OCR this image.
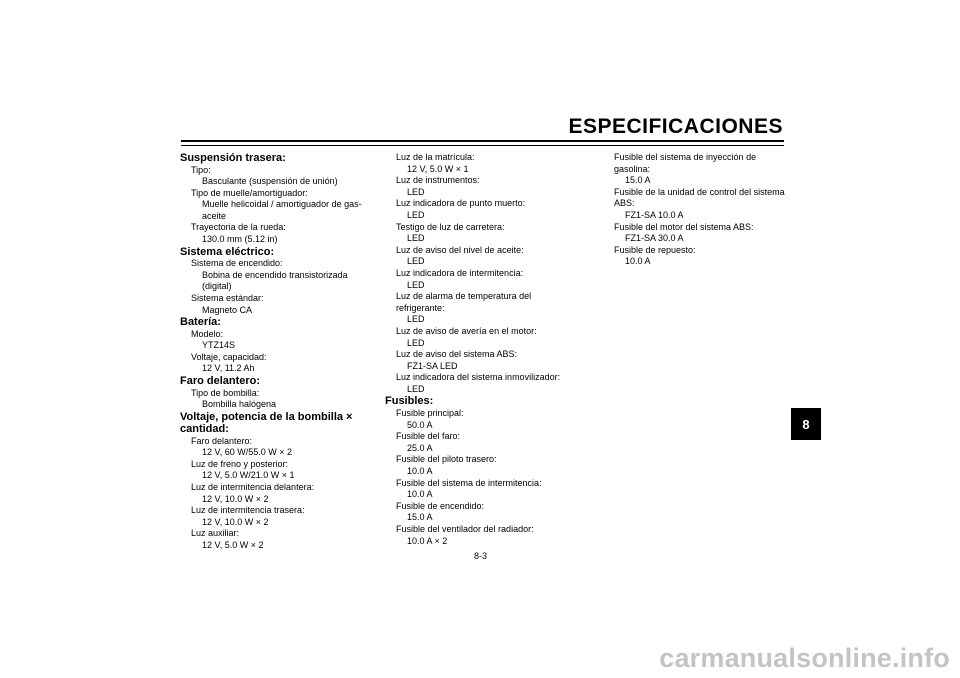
ESPECIFICACIONES
Suspensión trasera:
Tipo:
Basculante (suspensión de unión)
Tipo de muelle/amortiguador:
Muelle helicoidal / amortiguador de gas-
aceite
Trayectoria de la rueda:
130.0 mm (5.12 in)
Sistema eléctrico:
Sistema de encendido:
Bobina de encendido transistorizada
(digital)
Sistema estándar:
Magneto CA
Batería:
Modelo:
YTZ14S
Voltaje, capacidad:
12 V, 11.2 Ah
Faro delantero:
Tipo de bombilla:
Bombilla halógena
Voltaje, potencia de la bombilla ×
cantidad:
Faro delantero:
12 V, 60 W/55.0 W × 2
Luz de freno y posterior:
12 V, 5.0 W/21.0 W × 1
Luz de intermitencia delantera:
12 V, 10.0 W × 2
Luz de intermitencia trasera:
12 V, 10.0 W × 2
Luz auxiliar:
12 V, 5.0 W × 2
Luz de la matrícula:
12 V, 5.0 W × 1
Luz de instrumentos:
LED
Luz indicadora de punto muerto:
LED
Testigo de luz de carretera:
LED
Luz de aviso del nivel de aceite:
LED
Luz indicadora de intermitencia:
LED
Luz de alarma de temperatura del
refrigerante:
LED
Luz de aviso de avería en el motor:
LED
Luz de aviso del sistema ABS:
FZ1-SA LED
Luz indicadora del sistema inmovilizador:
LED
Fusibles:
Fusible principal:
50.0 A
Fusible del faro:
25.0 A
Fusible del piloto trasero:
10.0 A
Fusible del sistema de intermitencia:
10.0 A
Fusible de encendido:
15.0 A
Fusible del ventilador del radiador:
10.0 A × 2
Fusible del sistema de inyección de gasolina:
15.0 A
Fusible de la unidad de control del sistema
ABS:
FZ1-SA 10.0 A
Fusible del motor del sistema ABS:
FZ1-SA 30.0 A
Fusible de repuesto:
10.0 A
8-3
8
carmanualsonline.info
